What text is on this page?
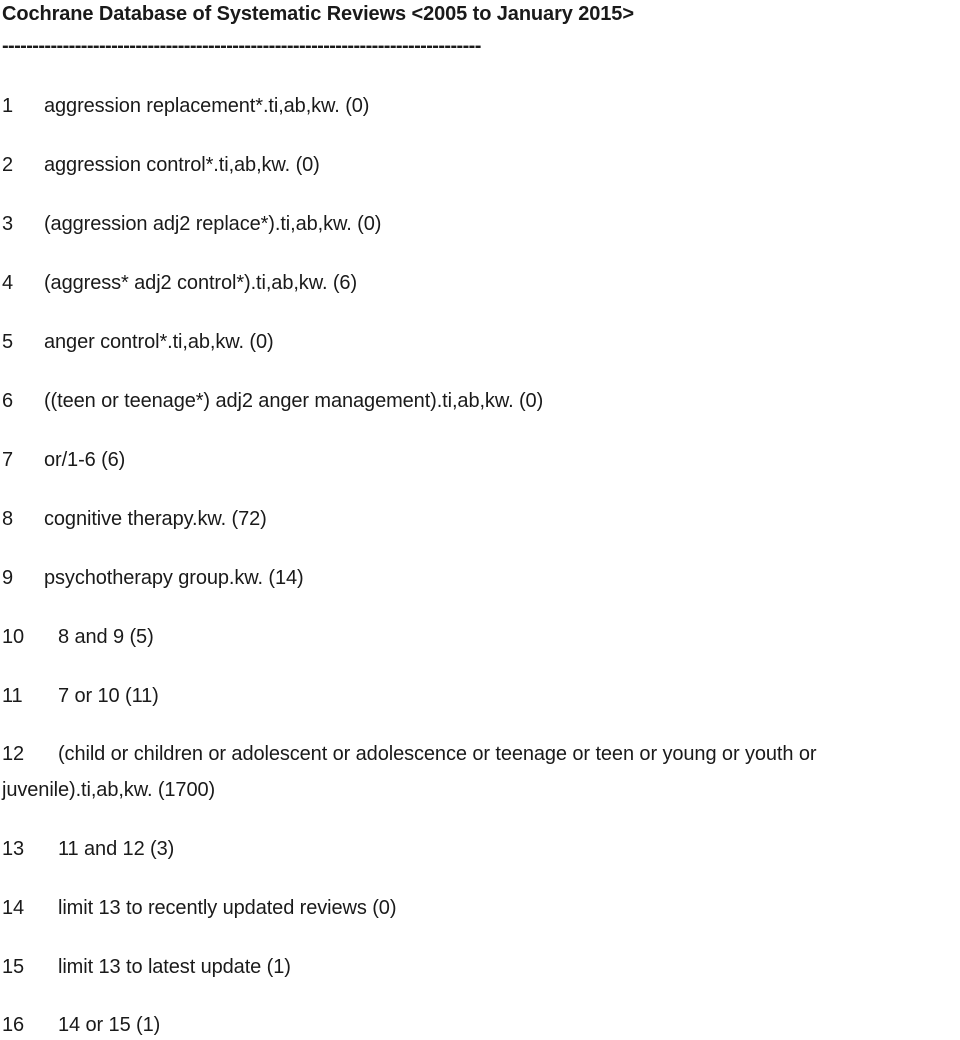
Cochrane Database of Systematic Reviews <2005 to January 2015>
-------------------------------------------------------------------------------
1 aggression replacement*.ti,ab,kw. (0)
2 aggression control*.ti,ab,kw. (0)
3 (aggression adj2 replace*).ti,ab,kw. (0)
4 (aggress* adj2 control*).ti,ab,kw. (6)
5 anger control*.ti,ab,kw. (0)
6 ((teen or teenage*) adj2 anger management).ti,ab,kw. (0)
7 or/1-6 (6)
8 cognitive therapy.kw. (72)
9 psychotherapy group.kw. (14)
10 8 and 9 (5)
11 7 or 10 (11)
12 (child or children or adolescent or adolescence or teenage or teen or young or youth or
juvenile).ti,ab,kw. (1700)
13 11 and 12 (3)
14 limit 13 to recently updated reviews (0)
15 limit 13 to latest update (1)
16 14 or 15 (1)
